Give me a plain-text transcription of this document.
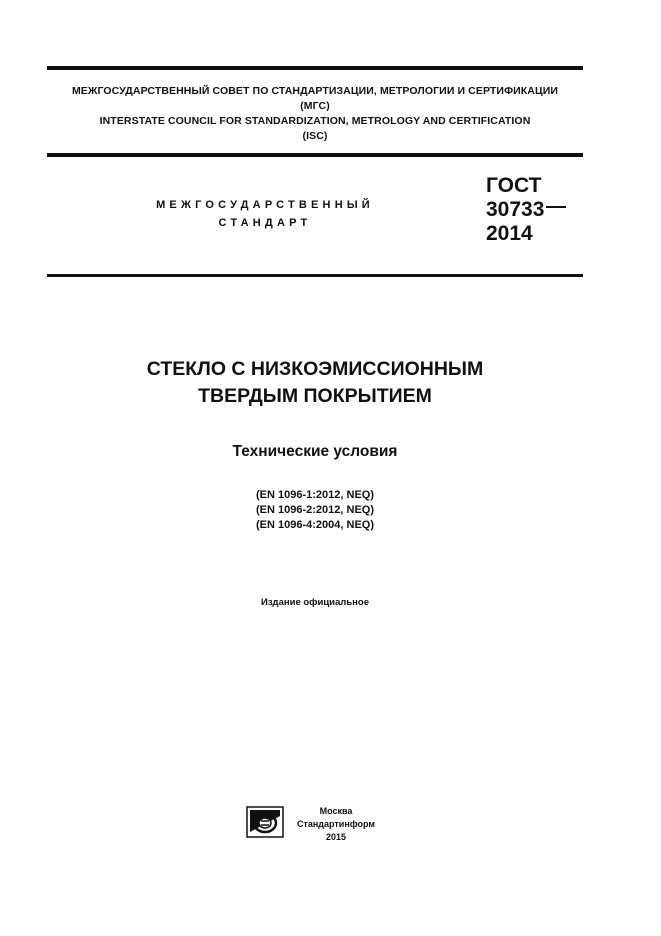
МЕЖГОСУДАРСТВЕННЫЙ СОВЕТ ПО СТАНДАРТИЗАЦИИ, МЕТРОЛОГИИ И СЕРТИФИКАЦИИ
(МГС)
INTERSTATE COUNCIL FOR STANDARDIZATION, METROLOGY AND CERTIFICATION
(ISC)
МЕЖГОСУДАРСТВЕННЫЙ
СТАНДАРТ
ГОСТ
30733
2014
СТЕКЛО С НИЗКОЭМИССИОННЫМ
ТВЕРДЫМ ПОКРЫТИЕМ
Технические условия
(EN 1096-1:2012, NEQ)
(EN 1096-2:2012, NEQ)
(EN 1096-4:2004, NEQ)
Издание официальное
Москва
Стандартинформ
2015
